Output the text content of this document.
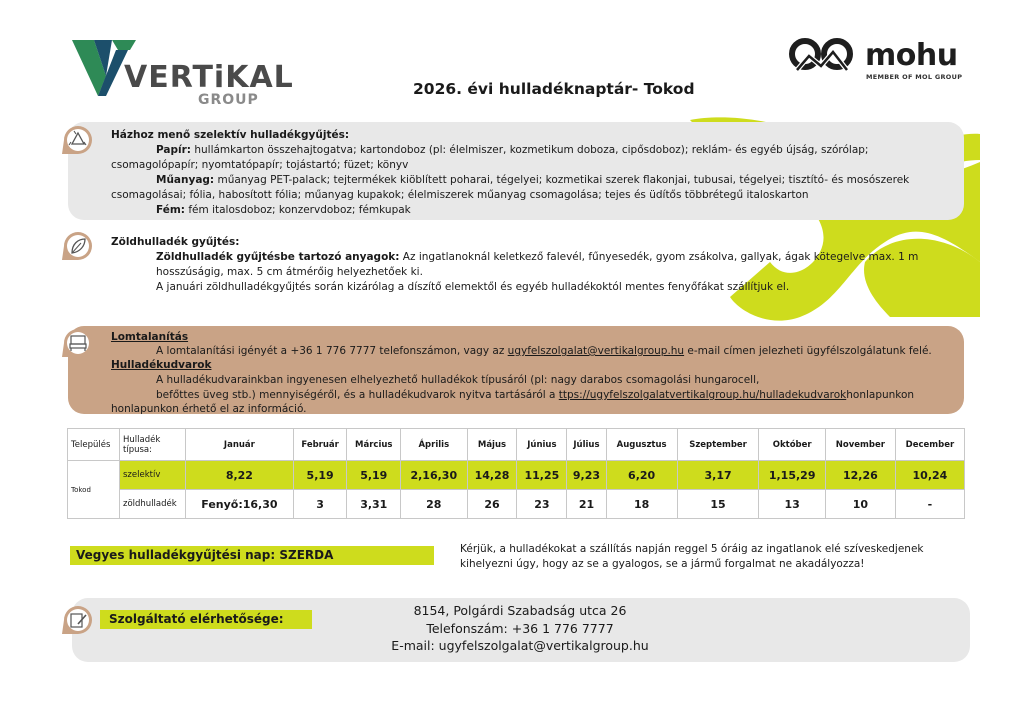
VERTiKAL
GROUP
mohu
MEMBER OF MOL GROUP
2026. évi hulladéknaptár- Tokod
Házhoz menő szelektív hulladékgyűjtés:
Papír: hullámkarton összehajtogatva; kartondoboz (pl: élelmiszer, kozmetikum doboza, cipősdoboz); reklám- és egyéb újság, szórólap;
csomagolópapír; nyomtatópapír; tojástartó; füzet; könyv
Műanyag: műanyag PET-palack; tejtermékek kiöblített poharai, tégelyei; kozmetikai szerek flakonjai, tubusai, tégelyei; tisztító- és mosószerek
csomagolásai; fólia, habosított fólia; műanyag kupakok; élelmiszerek műanyag csomagolása; tejes és üdítős többrétegű italoskarton
Fém: fém italosdoboz; konzervdoboz; fémkupak
Zöldhulladék gyűjtés:
Zöldhulladék gyűjtésbe tartozó anyagok: Az ingatlanoknál keletkező falevél, fűnyesedék, gyom zsákolva, gallyak, ágak kötegelve max. 1 m
hosszúságig, max. 5 cm átmérőig helyezhetőek ki.
A januári zöldhulladékgyűjtés során kizárólag a díszítő elemektől és egyéb hulladékoktól mentes fenyőfákat szállítjuk el.
Lomtalanítás
A lomtalanítási igényét a +36 1 776 7777 telefonszámon, vagy az ugyfelszolgalat@vertikalgroup.hu e-mail címen jelezheti ügyfélszolgálatunk felé.
Hulladékudvarok
A hulladékudvarainkban ingyenesen elhelyezhető hulladékok típusáról (pl: nagy darabos csomagolási hungarocell,
befőttes üveg stb.) mennyiségéről, és a hulladékudvarok nyitva tartásáról a ttps://ugyfelszolgalatvertikalgroup.hu/hulladekudvarokhonlapunkon
honlapunkon érhető el az információ.
Település	Hulladék
típusa:	Január	Február	Március	Április	Május	Június	Július	Augusztus	Szeptember	Október	November	December
Tokod	szelektív	8,22	5,19	5,19	2,16,30	14,28	11,25	9,23	6,20	3,17	1,15,29	12,26	10,24
	zöldhulladék	Fenyő:16,30	3	3,31	28	26	23	21	18	15	13	10	-
Vegyes hulladékgyűjtési nap: SZERDA	Kérjük, a hulladékokat a szállítás napján reggel 5 óráig az ingatlanok elé szíveskedjenek
kihelyezni úgy, hogy az se a gyalogos, se a jármű forgalmat ne akadályozza!
Szolgáltató elérhetősége:
8154, Polgárdi Szabadság utca 26
Telefonszám: +36 1 776 7777
E-mail: ugyfelszolgalat@vertikalgroup.hu
